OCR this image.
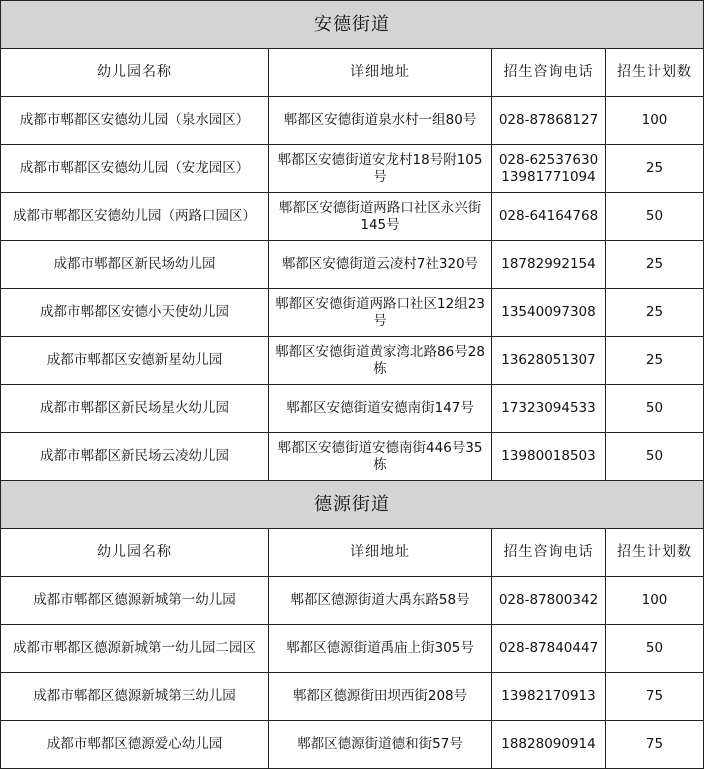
安德街道			
幼儿园名称	详细地址	招生咨询电话	招生计划数
成都市郫都区安德幼儿园（泉水园区）	郫都区安德街道泉水村一组80号	028-87868127	100
成都市郫都区安德幼儿园（安龙园区）	郫都区安德街道安龙村18号附105号	028-62537630 13981771094	25
成都市郫都区安德幼儿园（两路口园区）	郫都区安德街道两路口社区永兴街145号	028-64164768	50
成都市郫都区新民场幼儿园	郫都区安德街道云凌村7社320号	18782992154	25
成都市郫都区安德小天使幼儿园	郫都区安德街道两路口社区12组23号	13540097308	25
成都市郫都区安德新星幼儿园	郫都区安德街道黄家湾北路86号28栋	13628051307	25
成都市郫都区新民场星火幼儿园	郫都区安德街道安德南街147号	17323094533	50
成都市郫都区新民场云凌幼儿园	郫都区安德街道安德南街446号35栋	13980018503	50
德源街道			
幼儿园名称	详细地址	招生咨询电话	招生计划数
成都市郫都区德源新城第一幼儿园	郫都区德源街道大禹东路58号	028-87800342	100
成都市郫都区德源新城第一幼儿园二园区	郫都区德源街道禹庙上街305号	028-87840447	50
成都市郫都区德源新城第三幼儿园	郫都区德源街田坝西街208号	13982170913	75
成都市郫都区德源爱心幼儿园	郫都区德源街道德和街57号	18828090914	75
